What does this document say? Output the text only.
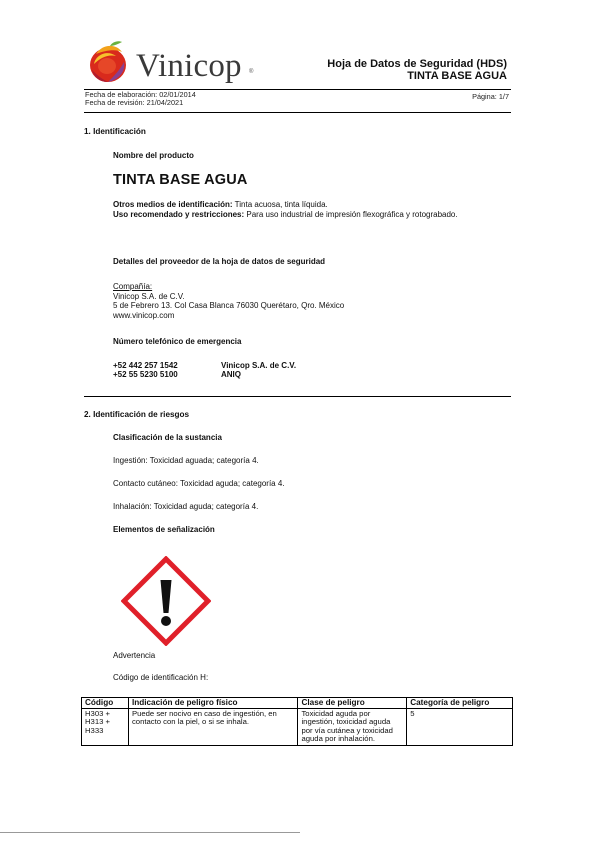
Vinicop ®
Hoja de Datos de Seguridad (HDS)
TINTA BASE AGUA
Fecha de elaboración: 02/01/2014
Fecha de revisión: 21/04/2021
Página: 1/7
1. Identificación
Nombre del producto
TINTA BASE AGUA
Otros medios de identificación: Tinta acuosa, tinta líquida.
Uso recomendado y restricciones: Para uso industrial de impresión flexográfica y rotograbado.
Detalles del proveedor de la hoja de datos de seguridad
Compañía:
Vinicop S.A. de C.V.
5 de Febrero 13. Col Casa Blanca 76030 Querétaro, Qro. México
www.vinicop.com
Número telefónico de emergencia
+52 442 257 1542	Vinicop S.A. de C.V.
+52 55 5230 5100	ANIQ
2. Identificación de riesgos
Clasificación de la sustancia
Ingestión: Toxicidad aguada; categoría 4.
Contacto cutáneo: Toxicidad aguda; categoría 4.
Inhalación: Toxicidad aguda; categoría 4.
Elementos de señalización
Advertencia
Código de identificación H:
Código	Indicación de peligro físico	Clase de peligro	Categoría de peligro
H303 + H313 + H333	Puede ser nocivo en caso de ingestión, en contacto con la piel, o si se inhala.	Toxicidad aguda por ingestión, toxicidad aguda por vía cutánea y toxicidad aguda por inhalación.	5
